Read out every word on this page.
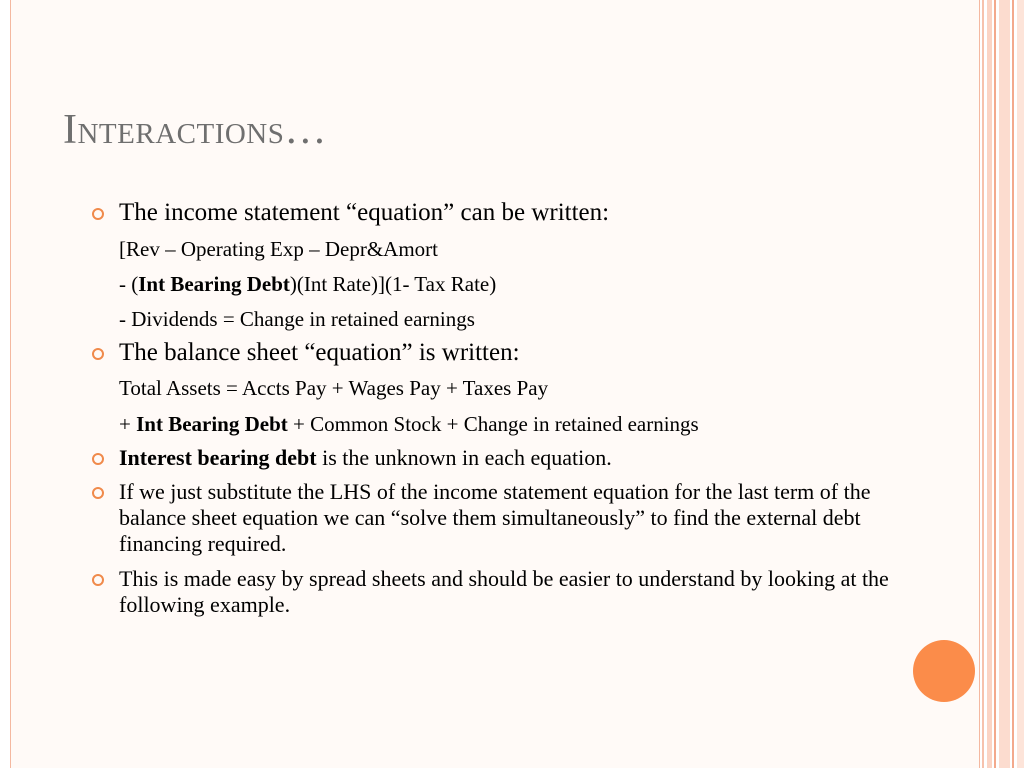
Interactions…
The income statement “equation” can be written:
[Rev – Operating Exp – Depr&Amort
- (Int Bearing Debt)(Int Rate)](1- Tax Rate)
- Dividends = Change in retained earnings
The balance sheet “equation” is written:
Total Assets = Accts Pay + Wages Pay + Taxes Pay
+ Int Bearing Debt + Common Stock + Change in retained earnings
Interest bearing debt is the unknown in each equation.
If we just substitute the LHS of the income statement equation for the last term of the balance sheet equation we can “solve them simultaneously” to find the external debt financing required.
This is made easy by spread sheets and should be easier to understand by looking at the following example.
